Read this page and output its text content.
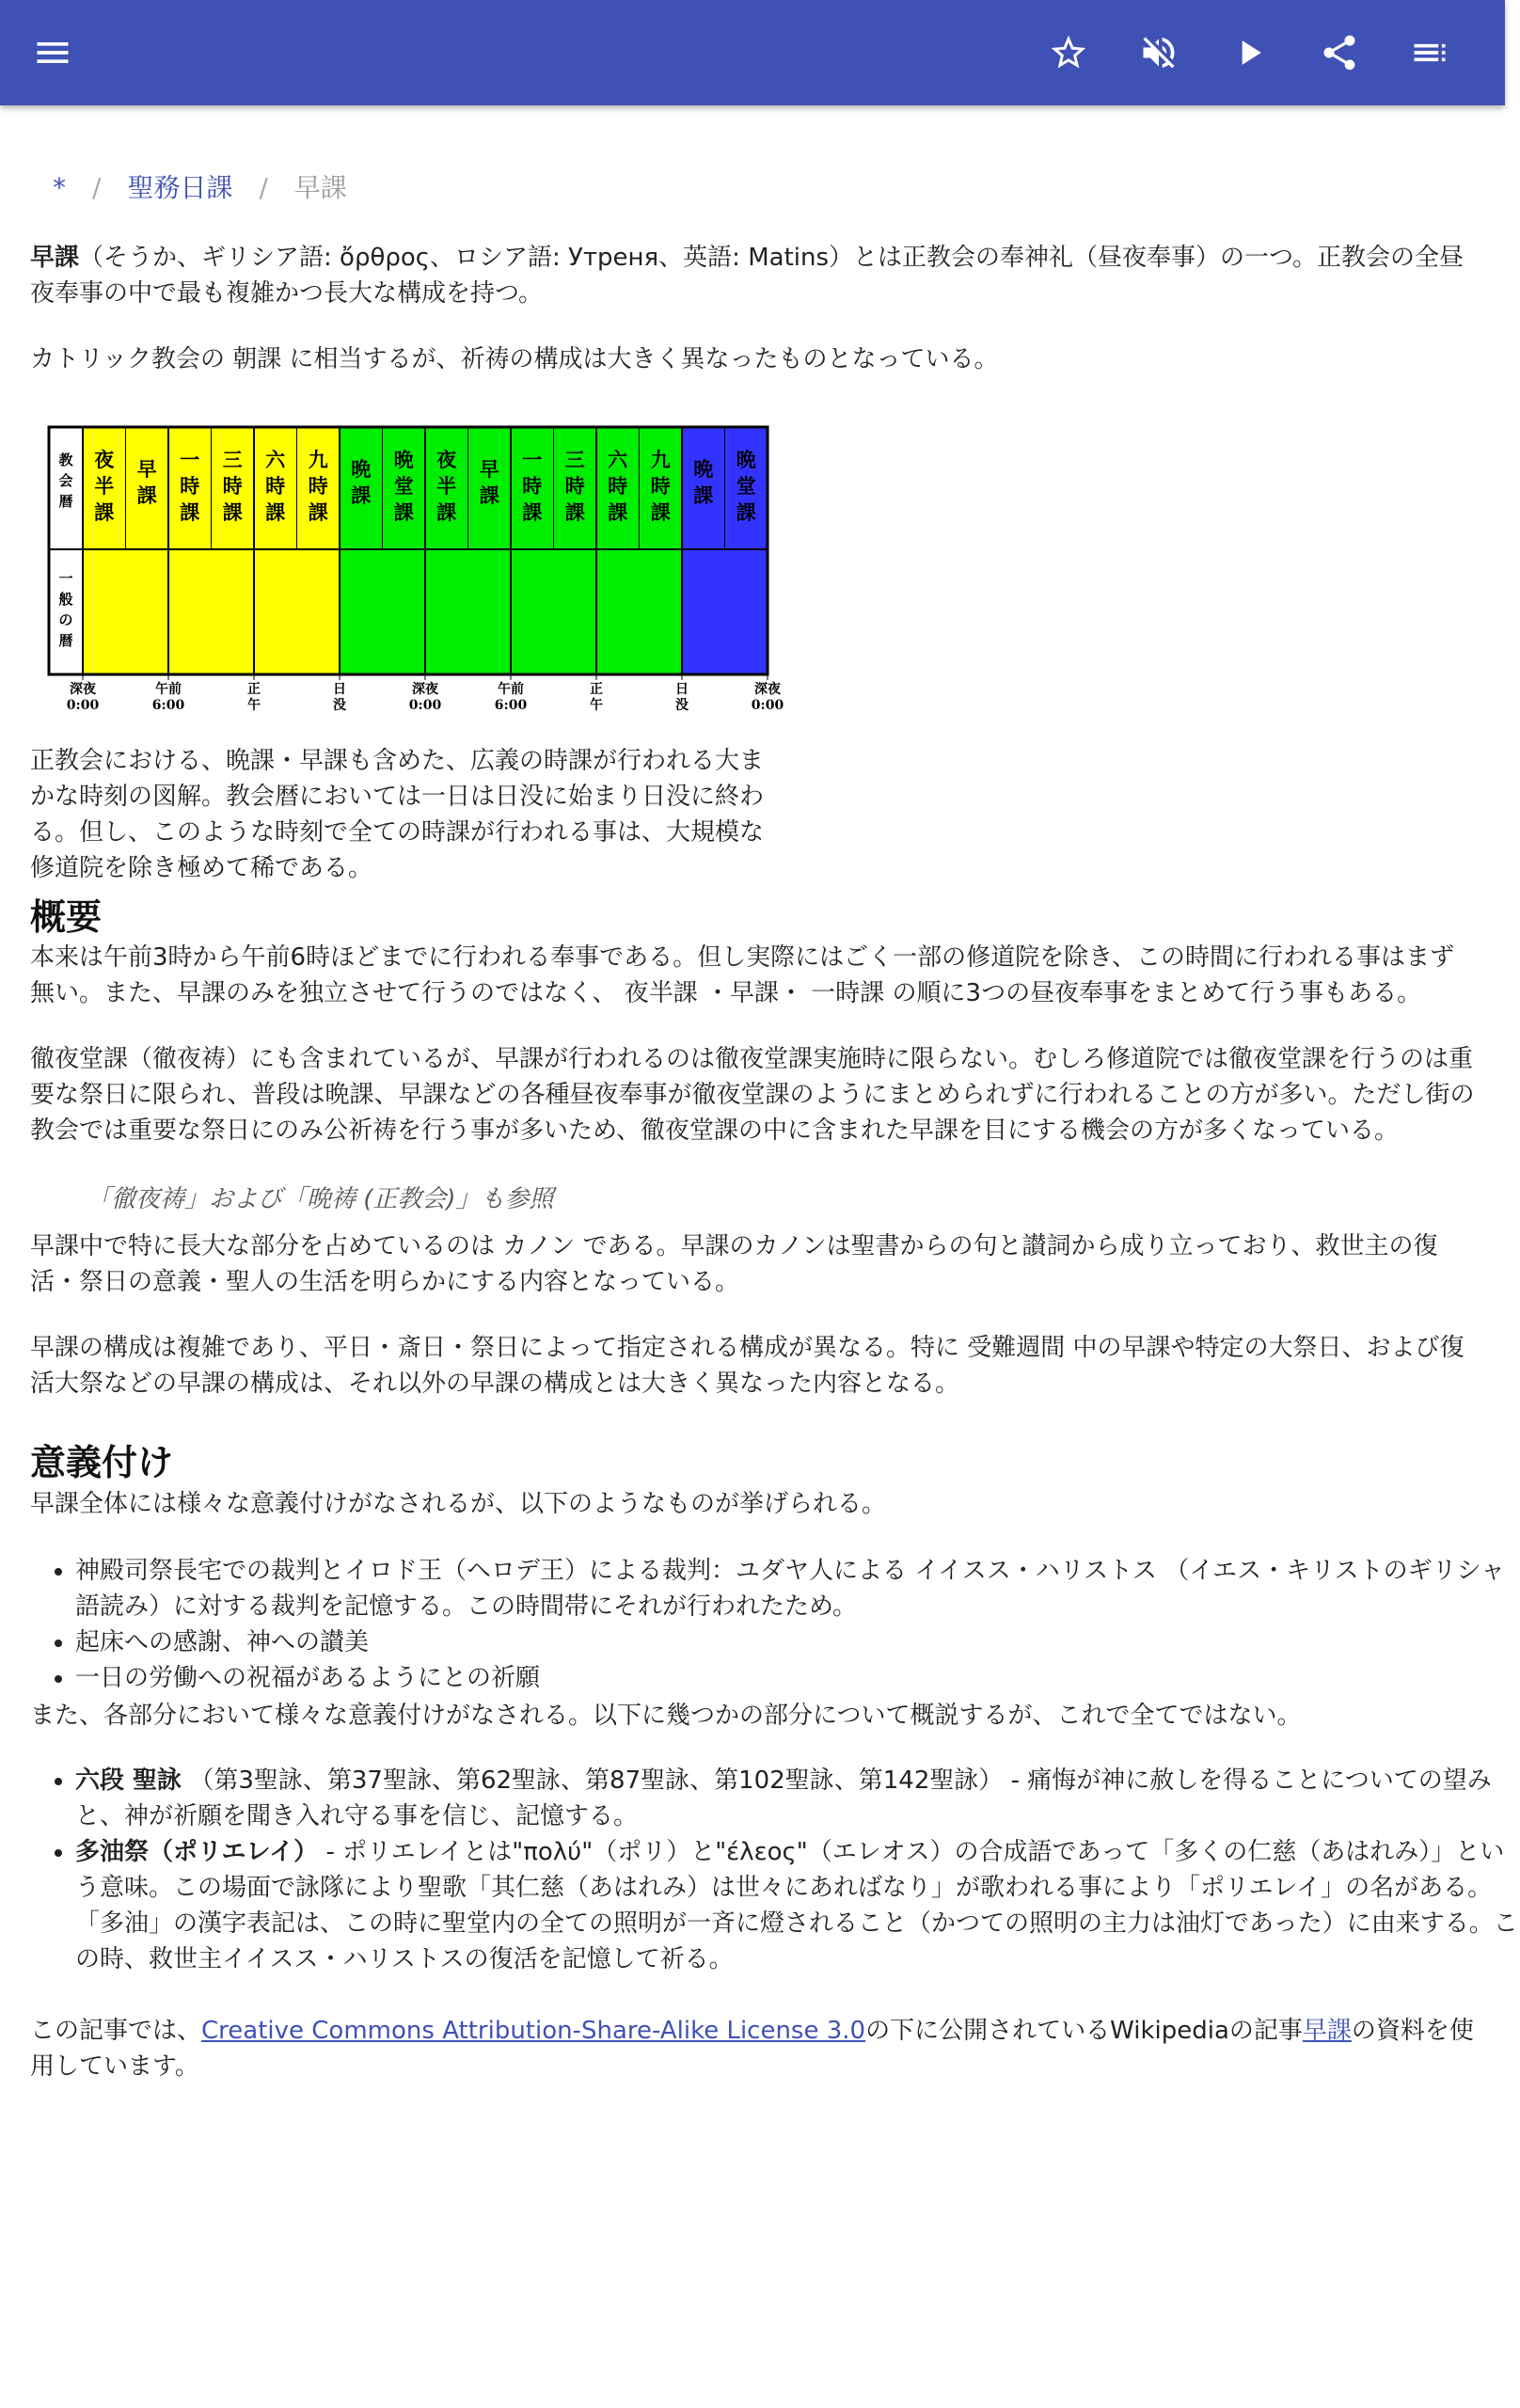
* / 聖務日課 / 早課

早課（そうか、ギリシア語: ὄρθρος、ロシア語: Утреня、英語: Matins）とは正教会の奉神礼（昼夜奉事）の一つ。正教会の全昼夜奉事の中で最も複雑かつ長大な構成を持つ。

カトリック教会の 朝課 に相当するが、祈祷の構成は大きく異なったものとなっている。

教会暦
一般の暦
夜半課
早課
一時課
三時課
六時課
九時課
晩課
晩堂課
夜半課
早課
一時課
三時課
六時課
九時課
晩課
晩堂課
深夜
0:00
午前
6:00
正
午
日
没
深夜
0:00
午前
6:00
正
午
日
没
深夜
0:00
正教会における、晩課・早課も含めた、広義の時課が行われる大まかな時刻の図解。教会暦においては一日は日没に始まり日没に終わる。但し、このような時刻で全ての時課が行われる事は、大規模な修道院を除き極めて稀である。
概要

本来は午前3時から午前6時ほどまでに行われる奉事である。但し実際にはごく一部の修道院を除き、この時間に行われる事はまず無い。また、早課のみを独立させて行うのではなく、 夜半課 ・早課・ 一時課 の順に3つの昼夜奉事をまとめて行う事もある。

徹夜堂課（徹夜祷）にも含まれているが、早課が行われるのは徹夜堂課実施時に限らない。むしろ修道院では徹夜堂課を行うのは重要な祭日に限られ、普段は晩課、早課などの各種昼夜奉事が徹夜堂課のようにまとめられずに行われることの方が多い。ただし街の教会では重要な祭日にのみ公祈祷を行う事が多いため、徹夜堂課の中に含まれた早課を目にする機会の方が多くなっている。

「徹夜祷」および「晩祷 (正教会)」も参照

早課中で特に長大な部分を占めているのは カノン である。早課のカノンは聖書からの句と讃詞から成り立っており、救世主の復活・祭日の意義・聖人の生活を明らかにする内容となっている。

早課の構成は複雑であり、平日・斎日・祭日によって指定される構成が異なる。特に 受難週間 中の早課や特定の大祭日、および復活大祭などの早課の構成は、それ以外の早課の構成とは大きく異なった内容となる。

意義付け

早課全体には様々な意義付けがなされるが、以下のようなものが挙げられる。

• 神殿司祭長宅での裁判とイロド王（ヘロデ王）による裁判：ユダヤ人による イイスス・ハリストス （イエス・キリストのギリシャ語読み）に対する裁判を記憶する。この時間帯にそれが行われたため。
• 起床への感謝、神への讃美
• 一日の労働への祝福があるようにとの祈願

また、各部分において様々な意義付けがなされる。以下に幾つかの部分について概説するが、これで全てではない。

• 六段 聖詠 （第3聖詠、第37聖詠、第62聖詠、第87聖詠、第102聖詠、第142聖詠） - 痛悔が神に赦しを得ることについての望みと、神が祈願を聞き入れ守る事を信じ、記憶する。
• 多油祭（ポリエレイ） - ポリエレイとは"πολύ"（ポリ）と"έλεος"（エレオス）の合成語であって「多くの仁慈（あはれみ）」という意味。この場面で詠隊により聖歌「其仁慈（あはれみ）は世々にあればなり」が歌われる事により「ポリエレイ」の名がある。「多油」の漢字表記は、この時に聖堂内の全ての照明が一斉に燈されること（かつての照明の主力は油灯であった）に由来する。この時、救世主イイスス・ハリストスの復活を記憶して祈る。

この記事では、Creative Commons Attribution-Share-Alike License 3.0の下に公開されているWikipediaの記事早課の資料を使用しています。
